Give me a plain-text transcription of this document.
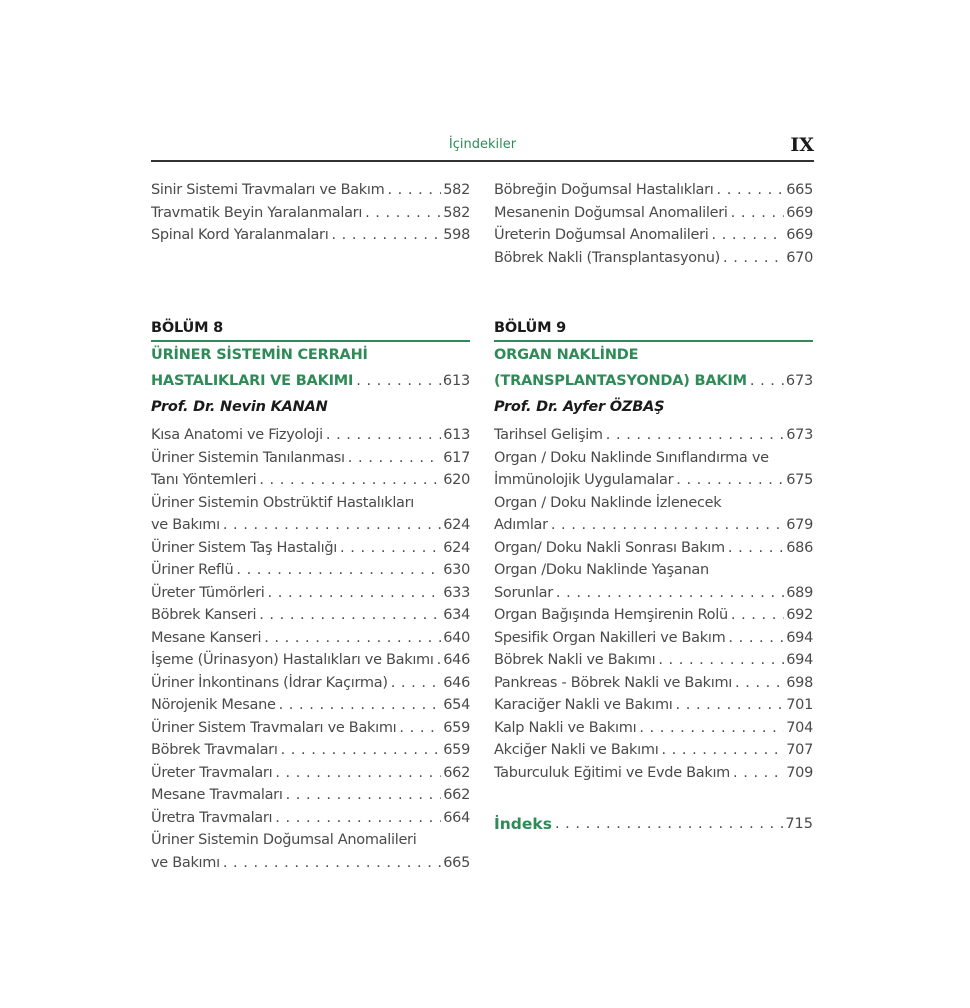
İçindekiler	IX
Sinir Sistemi Travmaları ve Bakım . . .	582
Travmatik Beyin Yaralanmaları . . .	582
Spinal Kord Yaralanmaları . . .	598
Böbreğin Doğumsal Hastalıkları . . .	665
Mesanenin Doğumsal Anomalileri . . .	669
Üreterin Doğumsal Anomalileri . . .	669
Böbrek Nakli (Transplantasyonu) . . .	670
BÖLÜM 8
ÜRİNER SİSTEMİN CERRAHİ
HASTALIKLARI VE BAKIMI . . .	613
Prof. Dr. Nevin KANAN
Kısa Anatomi ve Fizyoloji . . .	613
Üriner Sistemin Tanılanması . . .	617
Tanı Yöntemleri . . .	620
Üriner Sistemin Obstrüktif Hastalıkları
ve Bakımı . . .	624
Üriner Sistem Taş Hastalığı . . .	624
Üriner Reflü . . .	630
Üreter Tümörleri . . .	633
Böbrek Kanseri . . .	634
Mesane Kanseri . . .	640
İşeme (Ürinasyon) Hastalıkları ve Bakımı . . . 646
Üriner İnkontinans (İdrar Kaçırma) . . .	646
Nörojenik Mesane . . .	654
Üriner Sistem Travmaları ve Bakımı . . .	659
Böbrek Travmaları . . .	659
Üreter Travmaları . . .	662
Mesane Travmaları . . .	662
Üretra Travmaları . . .	664
Üriner Sistemin Doğumsal Anomalileri
ve Bakımı . . .	665
BÖLÜM 9
ORGAN NAKLİNDE
(TRANSPLANTASYONDA) BAKIM . . .	673
Prof. Dr. Ayfer ÖZBAŞ
Tarihsel Gelişim . . .	673
Organ / Doku Naklinde Sınıflandırma ve
İmmünolojik Uygulamalar . . .	675
Organ / Doku Naklinde İzlenecek
Adımlar . . .	679
Organ/ Doku Nakli Sonrası Bakım . . .	686
Organ /Doku Naklinde Yaşanan
Sorunlar . . .	689
Organ Bağışında Hemşirenin Rolü . . .	692
Spesifik Organ Nakilleri ve Bakım . . .	694
Böbrek Nakli ve Bakımı . . .	694
Pankreas - Böbrek Nakli ve Bakımı . . .	698
Karaciğer Nakli ve Bakımı . . .	701
Kalp Nakli ve Bakımı . . .	704
Akciğer Nakli ve Bakımı . . .	707
Taburculuk Eğitimi ve Evde Bakım . . .	709
İndeks . . .	715
